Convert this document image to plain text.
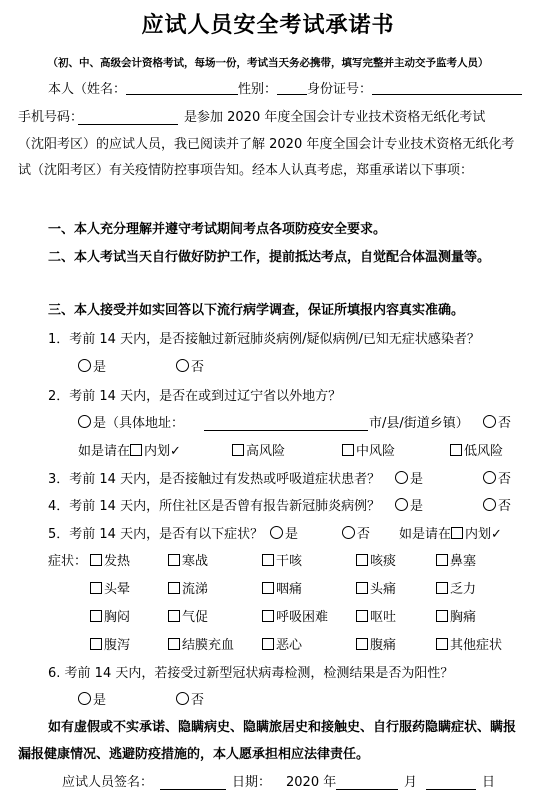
应试人员安全考试承诺书
（初、中、高级会计资格考试，每场一份，考试当天务必携带，填写完整并主动交予监考人员）
本人（姓名：	性别： 身份证号：
手机号码：	是参加 2020 年度全国会计专业技术资格无纸化考试
（沈阳考区）的应试人员，我已阅读并了解 2020 年度全国会计专业技术资格无纸化考试（沈阳考区）有关疫情防控事项告知。经本人认真考虑，郑重承诺以下事项：
一、本人充分理解并遵守考试期间考点各项防疫安全要求。
二、本人考试当天自行做好防护工作，提前抵达考点，自觉配合体温测量等。
三、本人接受并如实回答以下流行病学调查，保证所填报内容真实准确。
1．考前 14 天内，是否接触过新冠肺炎病例/疑似病例/已知无症状感染者？
是	否
2．考前 14 天内，是否在或到过辽宁省以外地方？
是（具体地址：	市/县/街道乡镇）	否
如是请在 内划✓	高风险	中风险	低风险
3．考前 14 天内，是否接触过有发热或呼吸道症状患者？	是	否
4．考前 14 天内，所住社区是否曾有报告新冠肺炎病例？	是	否
5．考前 14 天内，是否有以下症状？	是	否 如是请在 内划✓
症状：	发热	寒战	干咳	咳痰	鼻塞
头晕	流涕	咽痛	头痛	乏力
胸闷	气促	呼吸困难	呕吐	胸痛
腹泻	结膜充血	恶心	腹痛	其他症状
6. 考前 14 天内，若接受过新型冠状病毒检测，检测结果是否为阳性？
是	否
如有虚假或不实承诺、隐瞒病史、隐瞒旅居史和接触史、自行服药隐瞒症状、瞒报漏报健康情况、逃避防疫措施的，本人愿承担相应法律责任。
应试人员签名：	日期： 2020 年	月	日
